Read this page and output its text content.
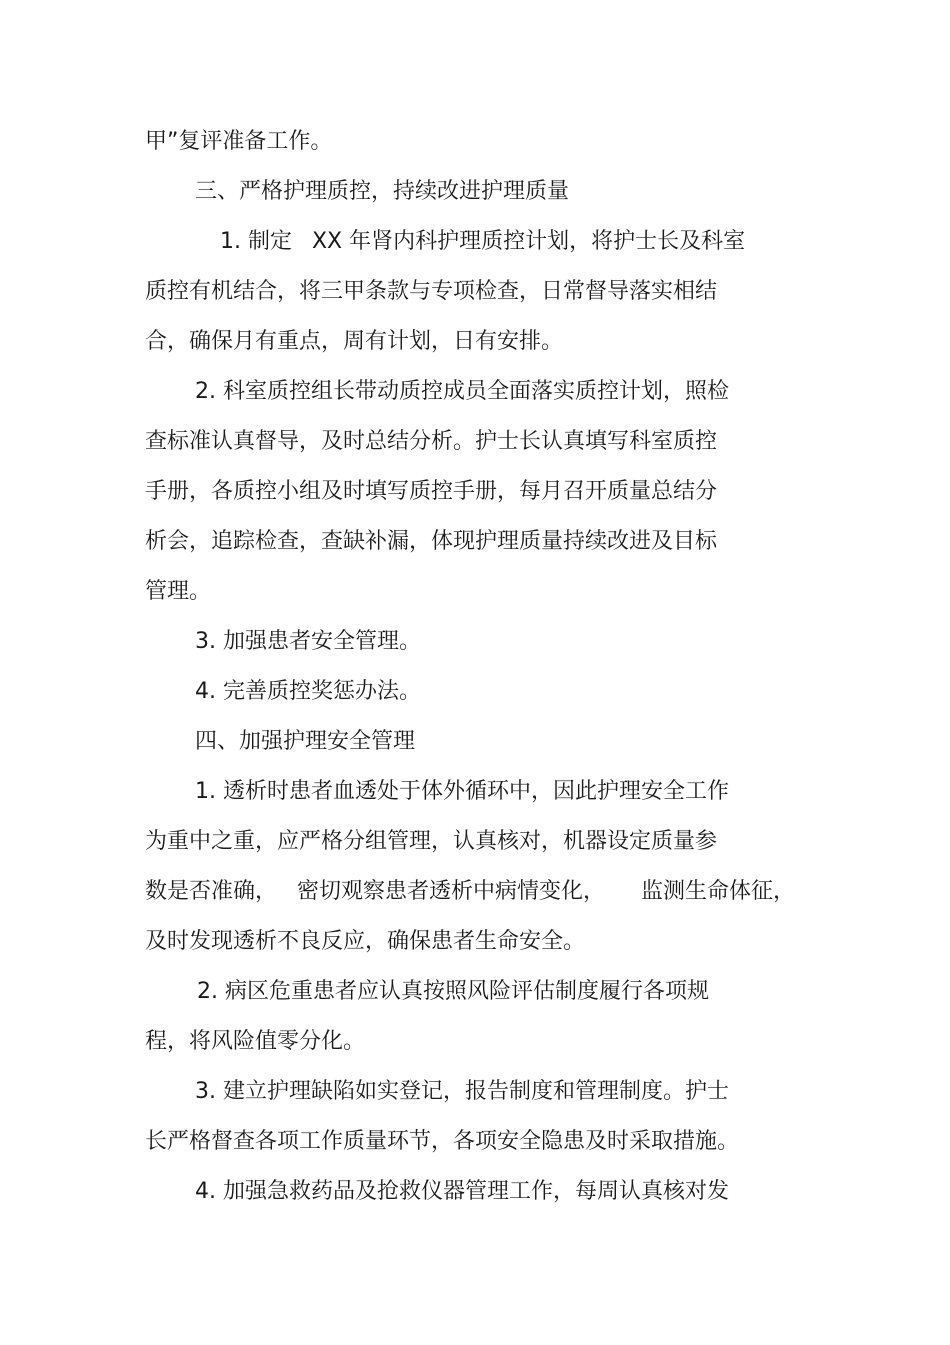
甲”复评准备工作。
三、严格护理质控，持续改进护理质量
1. 制定 XX 年肾内科护理质控计划，将护士长及科室
质控有机结合，将三甲条款与专项检查，日常督导落实相结
合，确保月有重点，周有计划，日有安排。
2. 科室质控组长带动质控成员全面落实质控计划，照检
查标准认真督导，及时总结分析。护士长认真填写科室质控
手册，各质控小组及时填写质控手册，每月召开质量总结分
析会，追踪检查，查缺补漏，体现护理质量持续改进及目标
管理。
3. 加强患者安全管理。
4. 完善质控奖惩办法。
四、加强护理安全管理
1. 透析时患者血透处于体外循环中，因此护理安全工作
为重中之重，应严格分组管理，认真核对，机器设定质量参
数是否准确， 密切观察患者透析中病情变化， 监测生命体征，
及时发现透析不良反应，确保患者生命安全。
2. 病区危重患者应认真按照风险评估制度履行各项规
程，将风险值零分化。
3. 建立护理缺陷如实登记，报告制度和管理制度。护士
长严格督查各项工作质量环节，各项安全隐患及时采取措施。
4. 加强急救药品及抢救仪器管理工作，每周认真核对发
